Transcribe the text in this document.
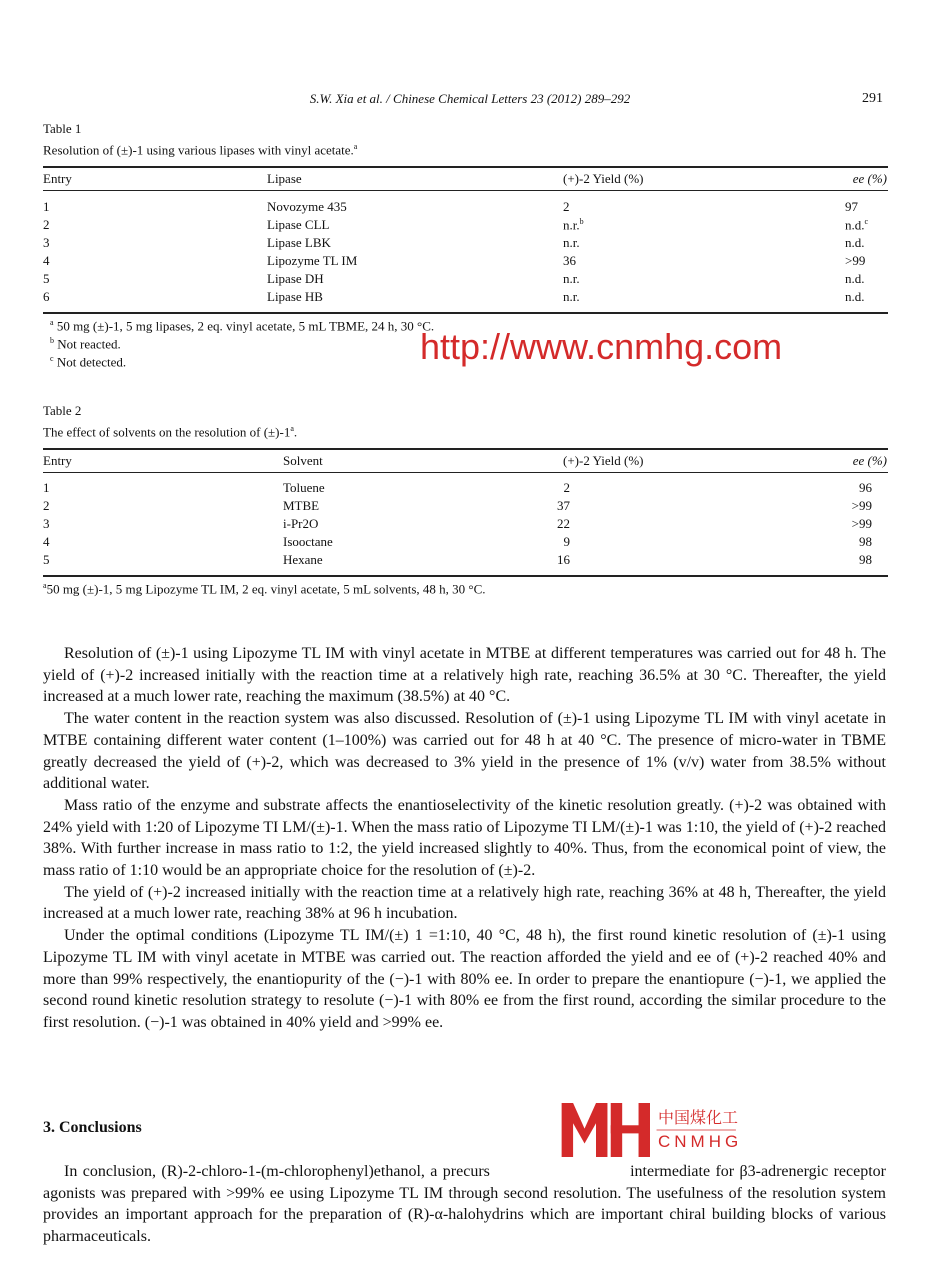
S.W. Xia et al. / Chinese Chemical Letters 23 (2012) 289–292	291
Table 1
Resolution of (±)-1 using various lipases with vinyl acetate.$^a$
Entry	Lipase	(+)-2 Yield (%)	ee (%)
1	Novozyme 435	2	97
2	Lipase CLL	n.r.$^b$	n.d.$^c$
3	Lipase LBK	n.r.	n.d.
4	Lipozyme TL IM	36	>99
5	Lipase DH	n.r.	n.d.
6	Lipase HB	n.r.	n.d.
$^a$ 50 mg (±)-1, 5 mg lipases, 2 eq. vinyl acetate, 5 mL TBME, 24 h, 30 °C.
$^b$ Not reacted.
$^c$ Not detected.	http://www.cnmhg.com
Table 2
The effect of solvents on the resolution of $(\pm)-1^a$.
Entry	Solvent	(+)-2 Yield (%)	ee (%)
1	Toluene	2	96
2	MTBE	37	>99
3	i-Pr2O	22	>99
4	Isooctane	9	98
5	Hexane	16	98
$^a$50 mg (±)-1, 5 mg Lipozyme TL IM, 2 eq. vinyl acetate, 5 mL solvents, 48 h, 30 °C.

Resolution of (±)-1 using Lipozyme TL IM with vinyl acetate in MTBE at different temperatures was carried out for 48 h. The yield of (+)-2 increased initially with the reaction time at a relatively high rate, reaching 36.5% at 30 °C. Thereafter, the yield increased at a much lower rate, reaching the maximum (38.5%) at 40 °C.

The water content in the reaction system was also discussed. Resolution of (±)-1 using Lipozyme TL IM with vinyl acetate in MTBE containing different water content (1–100%) was carried out for 48 h at 40 °C. The presence of micro-water in TBME greatly decreased the yield of (+)-2, which was decreased to 3% yield in the presence of 1% (v/v) water from 38.5% without additional water.

Mass ratio of the enzyme and substrate affects the enantioselectivity of the kinetic resolution greatly. (+)-2 was obtained with 24% yield with 1:20 of Lipozyme TI LM/(±)-1. When the mass ratio of Lipozyme TI LM/(±)-1 was 1:10, the yield of (+)-2 reached 38%. With further increase in mass ratio to 1:2, the yield increased slightly to 40%. Thus, from the economical point of view, the mass ratio of 1:10 would be an appropriate choice for the resolution of (±)-2.

The yield of (+)-2 increased initially with the reaction time at a relatively high rate, reaching 36% at 48 h, Thereafter, the yield increased at a much lower rate, reaching 38% at 96 h incubation.

Under the optimal conditions (Lipozyme TL IM/(±) 1 =1:10, 40 °C, 48 h), the first round kinetic resolution of (±)-1 using Lipozyme TL IM with vinyl acetate in MTBE was carried out. The reaction afforded the yield and ee of (+)-2 reached 40% and more than 99% respectively, the enantiopurity of the (−)-1 with 80% ee. In order to prepare the enantiopure (−)-1, we applied the second round kinetic resolution strategy to resolute (−)-1 with 80% ee from the first round, according the similar procedure to the first resolution. (−)-1 was obtained in 40% yield and >99% ee.

3. Conclusions

In conclusion, (R)-2-chloro-1-(m-chlorophenyl)ethanol, a precurs                          intermediate for β3-adrenergic receptor agonists was prepared with >99% ee using Lipozyme TL IM through second resolution. The usefulness of the resolution system provides an important approach for the preparation of (R)-α-halohydrins which are important chiral building blocks of various pharmaceuticals.

中国煤化工
CNMHG
